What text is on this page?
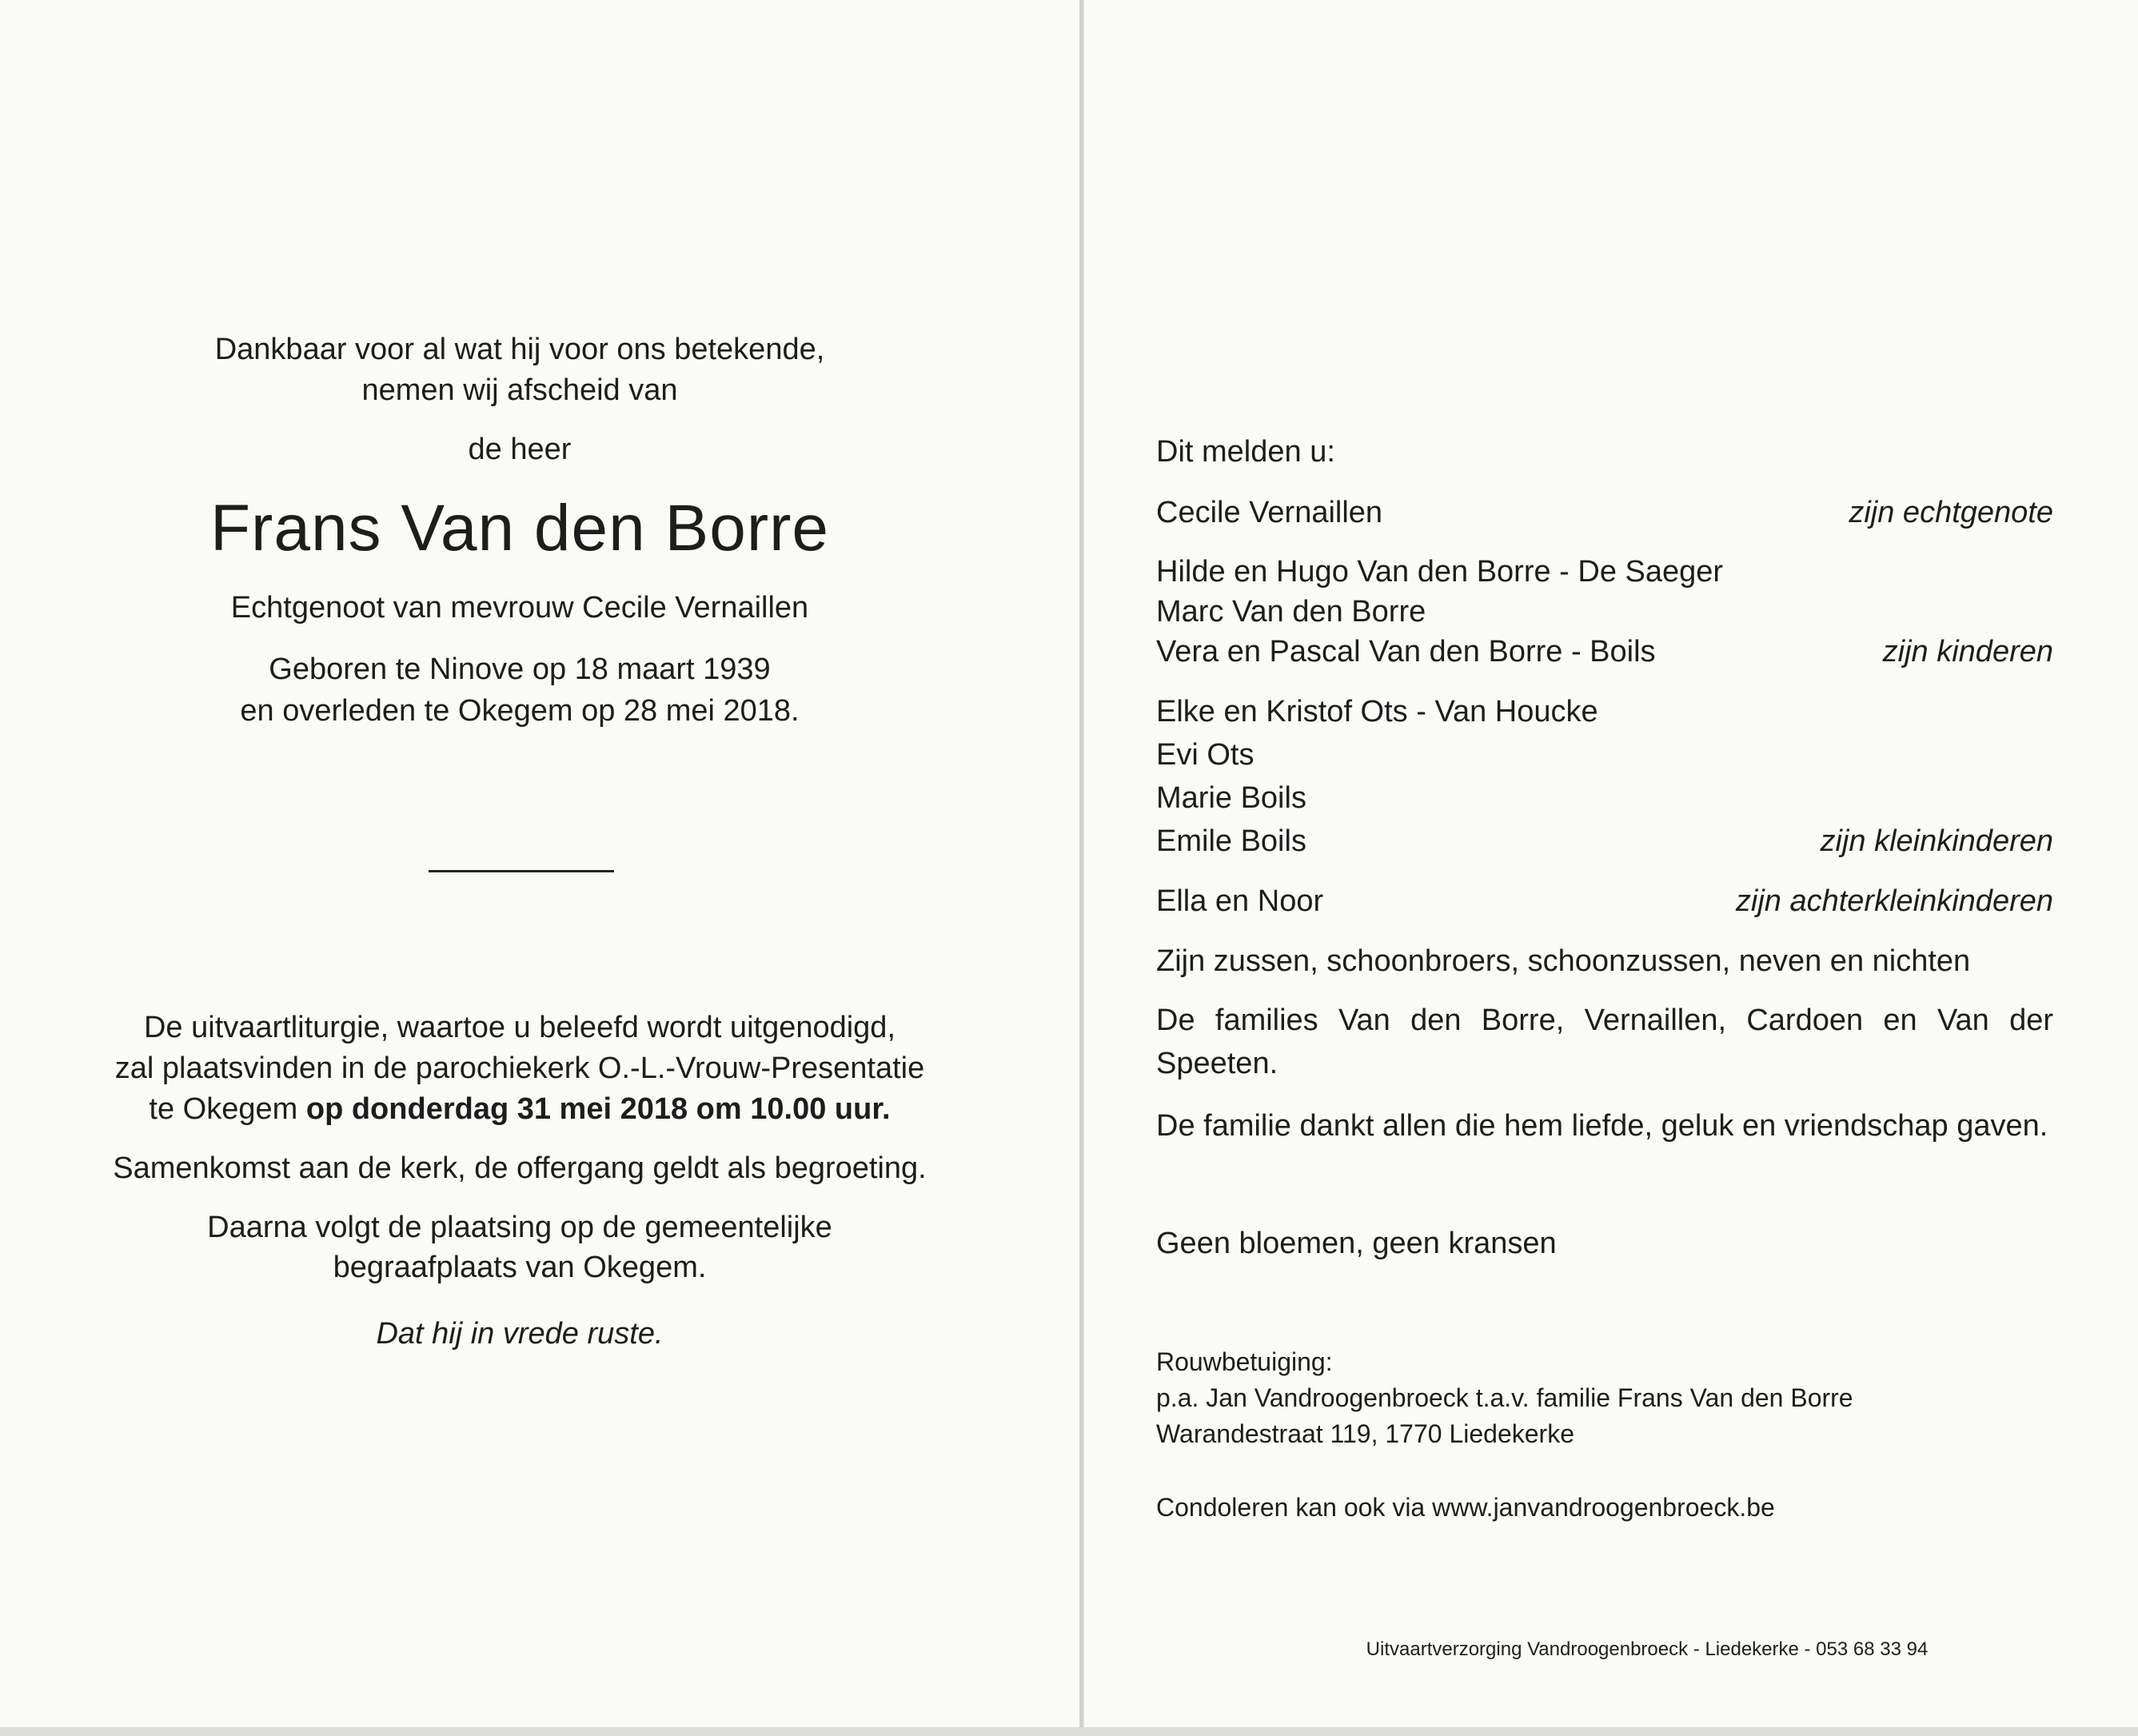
Dankbaar voor al wat hij voor ons betekende,

nemen wij afscheid van

de heer

Frans Van den Borre

Echtgenoot van mevrouw Cecile Vernaillen

Geboren te Ninove op 18 maart 1939

en overleden te Okegem op 28 mei 2018.

De uitvaartliturgie, waartoe u beleefd wordt uitgenodigd,

zal plaatsvinden in de parochiekerk O.-L.-Vrouw-Presentatie

te Okegem op donderdag 31 mei 2018 om 10.00 uur.

Samenkomst aan de kerk, de offergang geldt als begroeting.

Daarna volgt de plaatsing op de gemeentelijke

begraafplaats van Okegem.

Dat hij in vrede ruste.

Dit melden u:

Cecile Vernaillen	zijn echtgenote
Hilde en Hugo Van den Borre - De Saeger
Marc Van den Borre
Vera en Pascal Van den Borre - Boils	zijn kinderen
Elke en Kristof Ots - Van Houcke
Evi Ots
Marie Boils
Emile Boils	zijn kleinkinderen
Ella en Noor	zijn achterkleinkinderen

Zijn zussen, schoonbroers, schoonzussen, neven en nichten

De families Van den Borre, Vernaillen, Cardoen en Van der Speeten.

De familie dankt allen die hem liefde, geluk en vriendschap gaven.

Geen bloemen, geen kransen

Rouwbetuiging:

p.a. Jan Vandroogenbroeck t.a.v. familie Frans Van den Borre

Warandestraat 119, 1770 Liedekerke

Condoleren kan ook via www.janvandroogenbroeck.be

Uitvaartverzorging Vandroogenbroeck - Liedekerke - 053 68 33 94
